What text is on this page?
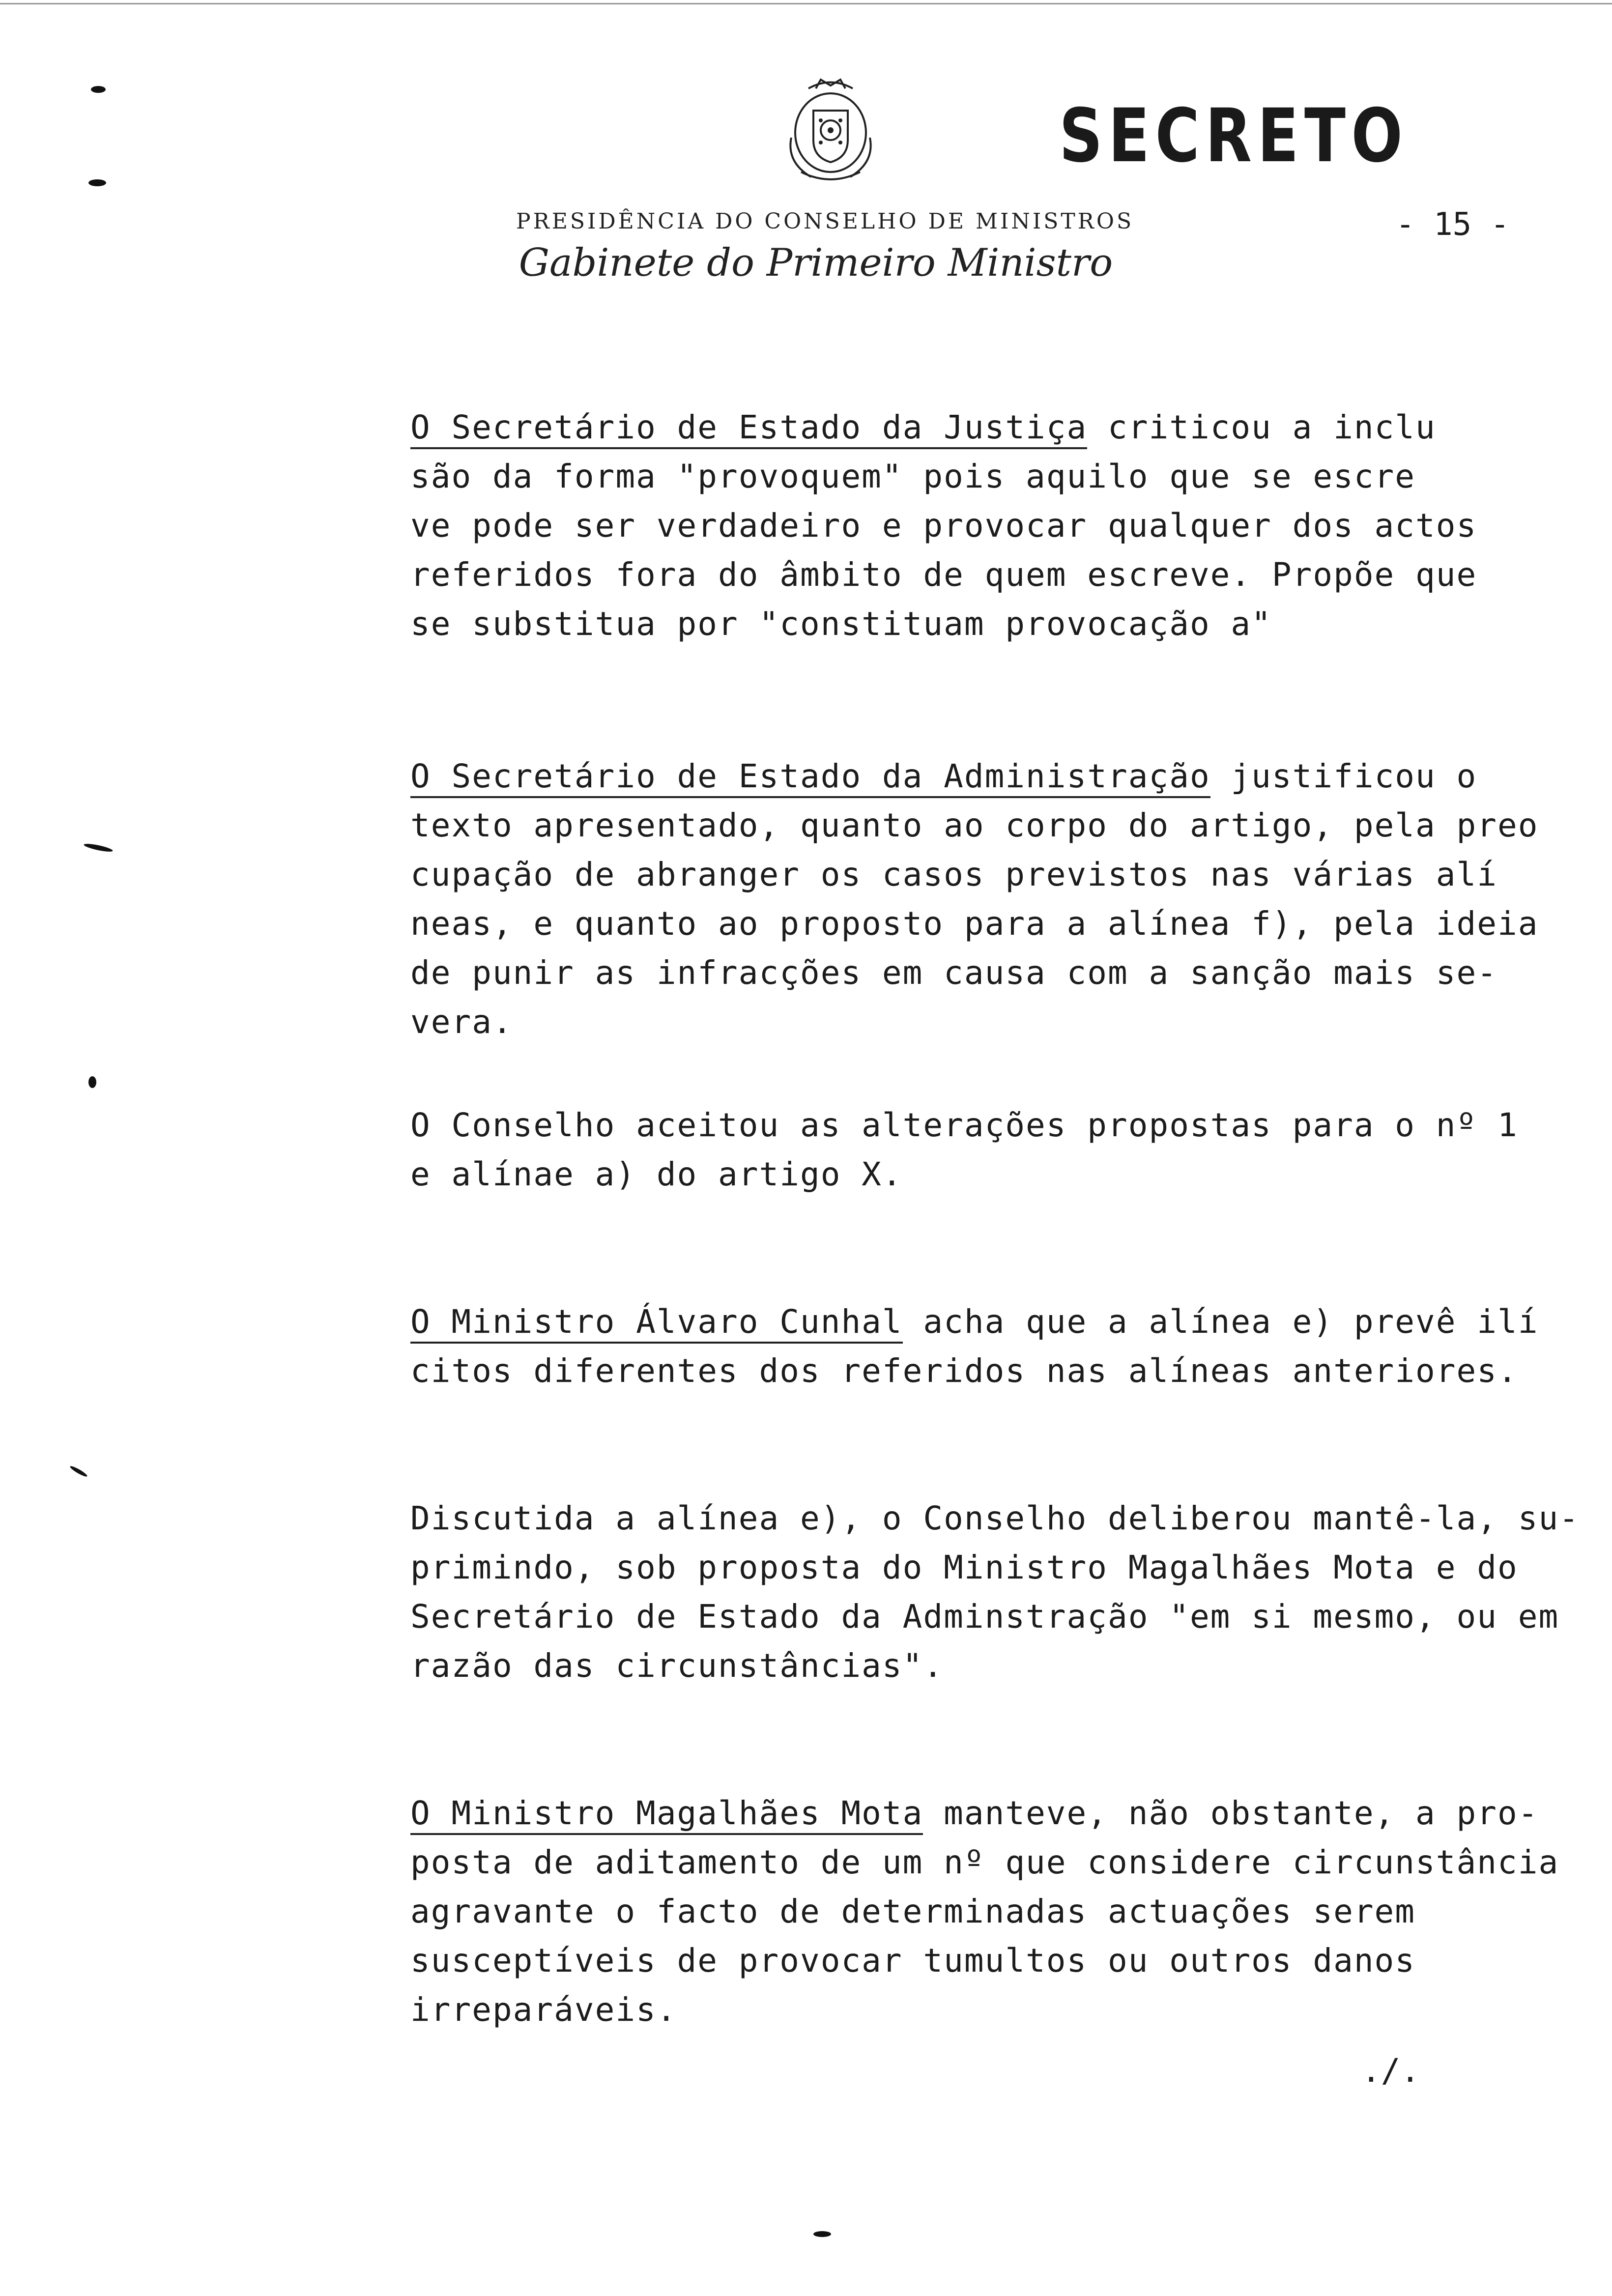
SECRETO
PRESIDÊNCIA DO CONSELHO DE MINISTROS
Gabinete do Primeiro Ministro
- 15 -
O Secretário de Estado da Justiça criticou a inclu
são da forma "provoquem" pois aquilo que se escre
ve pode ser verdadeiro e provocar qualquer dos actos
referidos fora do âmbito de quem escreve. Propõe que
se substitua por "constituam provocação a"
O Secretário de Estado da Administração justificou o
texto apresentado, quanto ao corpo do artigo, pela preo
cupação de abranger os casos previstos nas várias alí
neas, e quanto ao proposto para a alínea f), pela ideia
de punir as infracções em causa com a sanção mais se-
vera.
O Conselho aceitou as alterações propostas para o nº 1
e alínae a) do artigo X.
O Ministro Álvaro Cunhal acha que a alínea e) prevê ilí
citos diferentes dos referidos nas alíneas anteriores.
Discutida a alínea e), o Conselho deliberou mantê-la, su-
primindo, sob proposta do Ministro Magalhães Mota e do
Secretário de Estado da Adminstração "em si mesmo, ou em
razão das circunstâncias".
O Ministro Magalhães Mota manteve, não obstante, a pro-
posta de aditamento de um nº que considere circunstância
agravante o facto de determinadas actuações serem
susceptíveis de provocar tumultos ou outros danos
irreparáveis.
./.
